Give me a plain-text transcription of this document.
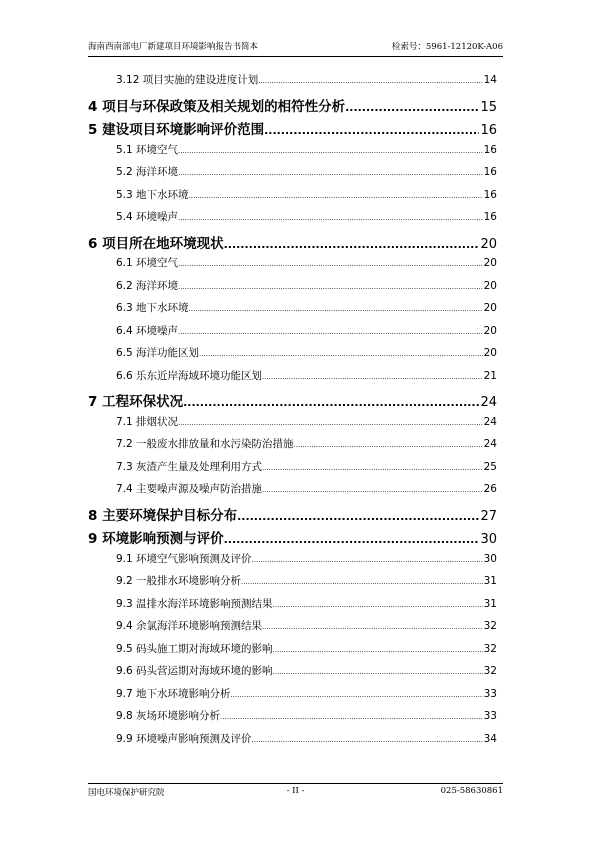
海南西南部电厂新建项目环境影响报告书简本	检索号：5961-12120K-A06
3.12 项目实施的建设进度计划 .....	14
4 项目与环保政策及相关规划的相符性分析 .....	15
5 建设项目环境影响评价范围 .....	16
5.1 环境空气 .....	16
5.2 海洋环境 .....	16
5.3 地下水环境 .....	16
5.4 环境噪声 .....	16
6 项目所在地环境现状 .....	20
6.1 环境空气 .....	20
6.2 海洋环境 .....	20
6.3 地下水环境 .....	20
6.4 环境噪声 .....	20
6.5 海洋功能区划 .....	20
6.6 乐东近岸海域环境功能区划 .....	21
7 工程环保状况 .....	24
7.1 排烟状况 .....	24
7.2 一般废水排放量和水污染防治措施 .....	24
7.3 灰渣产生量及处理利用方式 .....	25
7.4 主要噪声源及噪声防治措施 .....	26
8 主要环境保护目标分布 .....	27
9 环境影响预测与评价 .....	30
9.1 环境空气影响预测及评价 .....	30
9.2 一般排水环境影响分析 .....	31
9.3 温排水海洋环境影响预测结果 .....	31
9.4 余氯海洋环境影响预测结果 .....	32
9.5 码头施工期对海域环境的影响 .....	32
9.6 码头营运期对海域环境的影响 .....	32
9.7 地下水环境影响分析 .....	33
9.8 灰场环境影响分析 .....	33
9.9 环境噪声影响预测及评价 .....	34
国电环境保护研究院	- II -	025-58630861
